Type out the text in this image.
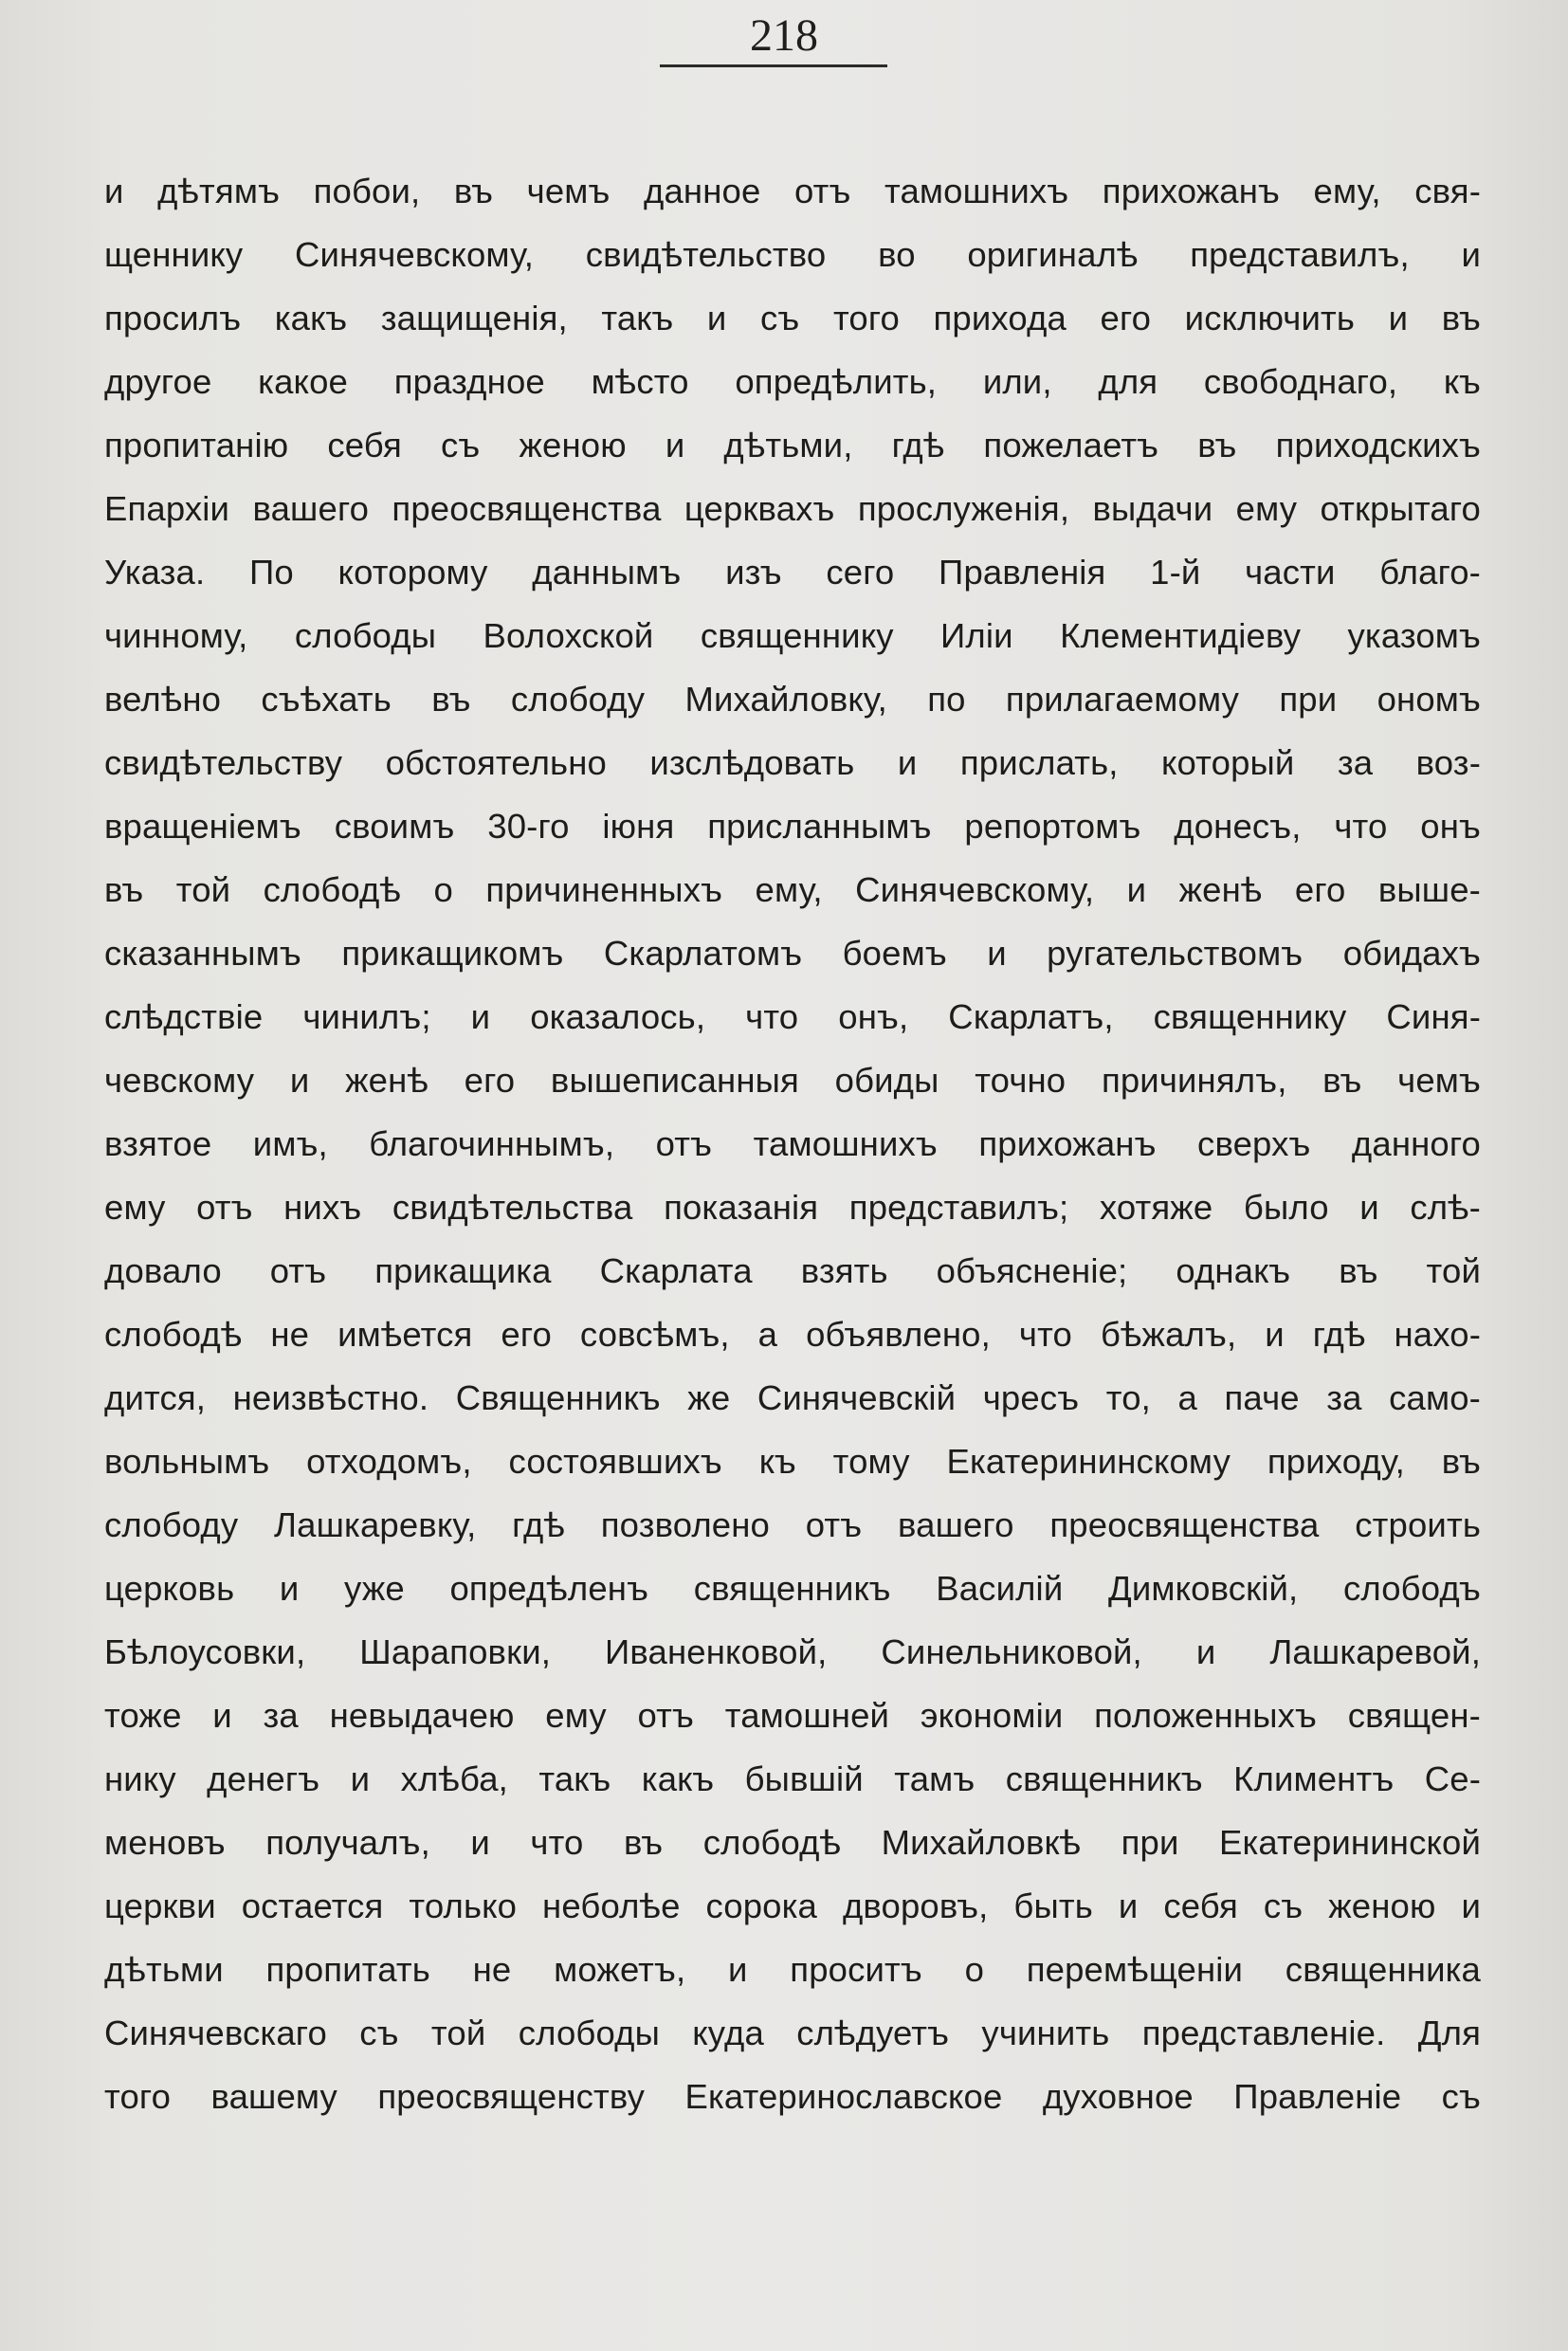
218
и дѣтямъ побои, въ чемъ данное отъ тамошнихъ прихожанъ ему, свя-
щеннику Синячевскому, свидѣтельство во оригиналѣ представилъ, и
просилъ какъ защищенія, такъ и съ того прихода его исключить и въ
другое какое праздное мѣсто опредѣлить, или, для свободнаго, къ
пропитанію себя съ женою и дѣтьми, гдѣ пожелаетъ въ приходскихъ
Епархіи вашего преосвященства церквахъ прослуженія, выдачи ему открытаго
Указа. По которому даннымъ изъ сего Правленія 1-й части благо-
чинному, слободы Волохской священнику Иліи Клементидіеву указомъ
велѣно съѣхать въ слободу Михайловку, по прилагаемому при ономъ
свидѣтельству обстоятельно изслѣдовать и прислать, который за воз-
вращеніемъ своимъ 30-го іюня присланнымъ репортомъ донесъ, что онъ
въ той слободѣ о причиненныхъ ему, Синячевскому, и женѣ его выше-
сказаннымъ прикащикомъ Скарлатомъ боемъ и ругательствомъ обидахъ
слѣдствіе чинилъ; и оказалось, что онъ, Скарлатъ, священнику Синя-
чевскому и женѣ его вышеписанныя обиды точно причинялъ, въ чемъ
взятое имъ, благочиннымъ, отъ тамошнихъ прихожанъ сверхъ данного
ему отъ нихъ свидѣтельства показанія представилъ; хотяже было и слѣ-
довало отъ прикащика Скарлата взять объясненіе; однакъ въ той
слободѣ не имѣется его совсѣмъ, а объявлено, что бѣжалъ, и гдѣ нахо-
дится, неизвѣстно. Священникъ же Синячевскій чресъ то, а паче за само-
вольнымъ отходомъ, состоявшихъ къ тому Екатерининскому приходу, въ
слободу Лашкаревку, гдѣ позволено отъ вашего преосвященства строить
церковь и уже опредѣленъ священникъ Василій Димковскій, слободъ
Бѣлоусовки, Шараповки, Иваненковой, Синельниковой, и Лашкаревой,
тоже и за невыдачею ему отъ тамошней экономіи положенныхъ священ-
нику денегъ и хлѣба, такъ какъ бывшій тамъ священникъ Климентъ Се-
меновъ получалъ, и что въ слободѣ Михайловкѣ при Екатерининской
церкви остается только неболѣе сорока дворовъ, быть и себя съ женою и
дѣтьми пропитать не можетъ, и проситъ о перемѣщеніи священника
Синячевскаго съ той слободы куда слѣдуетъ учинить представленіе. Для
того вашему преосвященству Екатеринославское духовное Правленіе съ
